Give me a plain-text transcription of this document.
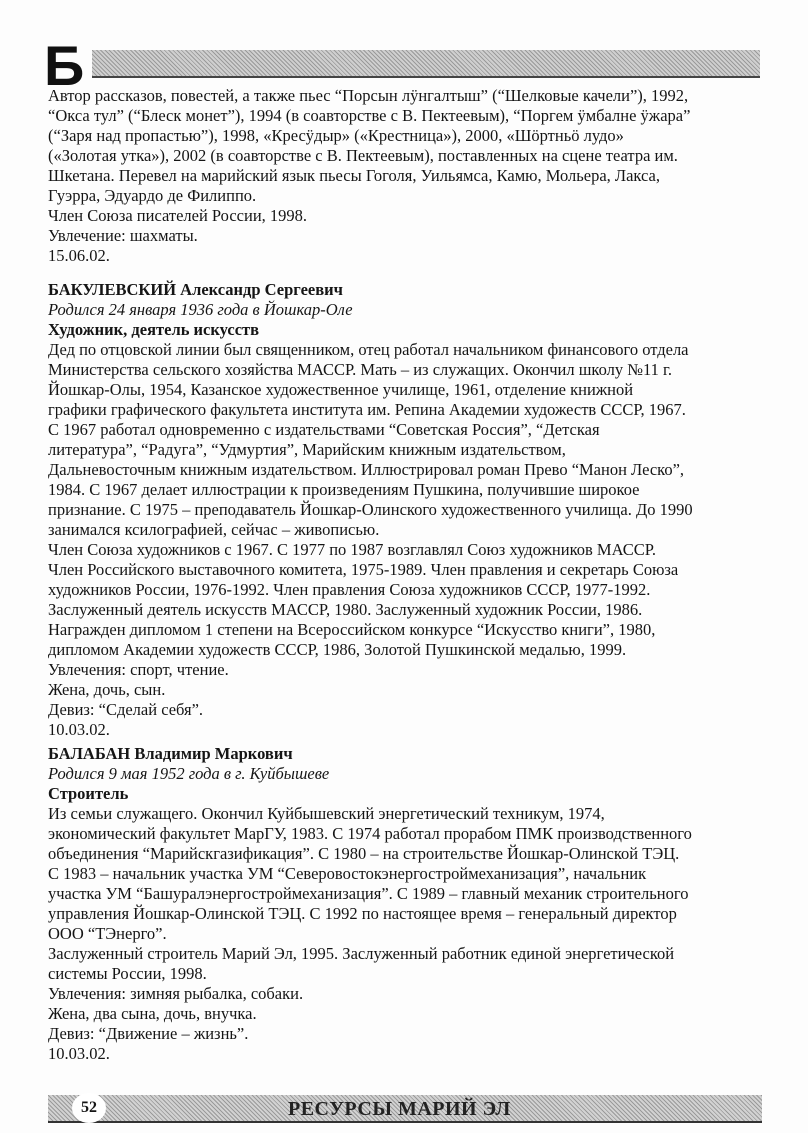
Б
Автор рассказов, повестей, а также пьес “Порсын лӱнгалтыш” (“Шелковые качели”), 1992,
“Окса тул” (“Блеск монет”), 1994 (в соавторстве с В. Пектеевым), “Поргем ӱмбалне ӱжара”
(“Заря над пропастью”), 1998, «Кресӱдыр» («Крестница»), 2000, «Шӧртньӧ лудо»
(«Золотая утка»), 2002 (в соавторстве с В. Пектеевым), поставленных на сцене театра им.
Шкетана. Перевел на марийский язык пьесы Гоголя, Уильямса, Камю, Мольера, Лакса,
Гуэрра, Эдуардо де Филиппо.
Член Союза писателей России, 1998.
Увлечение: шахматы.
15.06.02.
БАКУЛЕВСКИЙ Александр Сергеевич
Родился 24 января 1936 года в Йошкар-Оле
Художник, деятель искусств
Дед по отцовской линии был священником, отец работал начальником финансового отдела
Министерства сельского хозяйства МАССР. Мать – из служащих. Окончил школу №11 г.
Йошкар-Олы, 1954, Казанское художественное училище, 1961, отделение книжной
графики графического факультета института им. Репина Академии художеств СССР, 1967.
С 1967 работал одновременно с издательствами “Советская Россия”, “Детская
литература”, “Радуга”, “Удмуртия”, Марийским книжным издательством,
Дальневосточным книжным издательством. Иллюстрировал роман Прево “Манон Леско”,
1984. С 1967 делает иллюстрации к произведениям Пушкина, получившие широкое
признание. С 1975 – преподаватель Йошкар-Олинского художественного училища. До 1990
занимался ксилографией, сейчас – живописью.
Член Союза художников с 1967. С 1977 по 1987 возглавлял Союз художников МАССР.
Член Российского выставочного комитета, 1975-1989. Член правления и секретарь Союза
художников России, 1976-1992. Член правления Союза художников СССР, 1977-1992.
Заслуженный деятель искусств МАССР, 1980. Заслуженный художник России, 1986.
Награжден дипломом 1 степени на Всероссийском конкурсе “Искусство книги”, 1980,
дипломом Академии художеств СССР, 1986, Золотой Пушкинской медалью, 1999.
Увлечения: спорт, чтение.
Жена, дочь, сын.
Девиз: “Сделай себя”.
10.03.02.
БАЛАБАН Владимир Маркович
Родился 9 мая 1952 года в г. Куйбышеве
Строитель
Из семьи служащего. Окончил Куйбышевский энергетический техникум, 1974,
экономический факультет МарГУ, 1983. С 1974 работал прорабом ПМК производственного
объединения “Марийскгазификация”. С 1980 – на строительстве Йошкар-Олинской ТЭЦ.
С 1983 – начальник участка УМ “Северовостокэнергостроймеханизация”, начальник
участка УМ “Башуралэнергостроймеханизация”. С 1989 – главный механик строительного
управления Йошкар-Олинской ТЭЦ. С 1992 по настоящее время – генеральный директор
ООО “ТЭнерго”.
Заслуженный строитель Марий Эл, 1995. Заслуженный работник единой энергетической
системы России, 1998.
Увлечения: зимняя рыбалка, собаки.
Жена, два сына, дочь, внучка.
Девиз: “Движение – жизнь”.
10.03.02.
52	РЕСУРСЫ МАРИЙ ЭЛ
